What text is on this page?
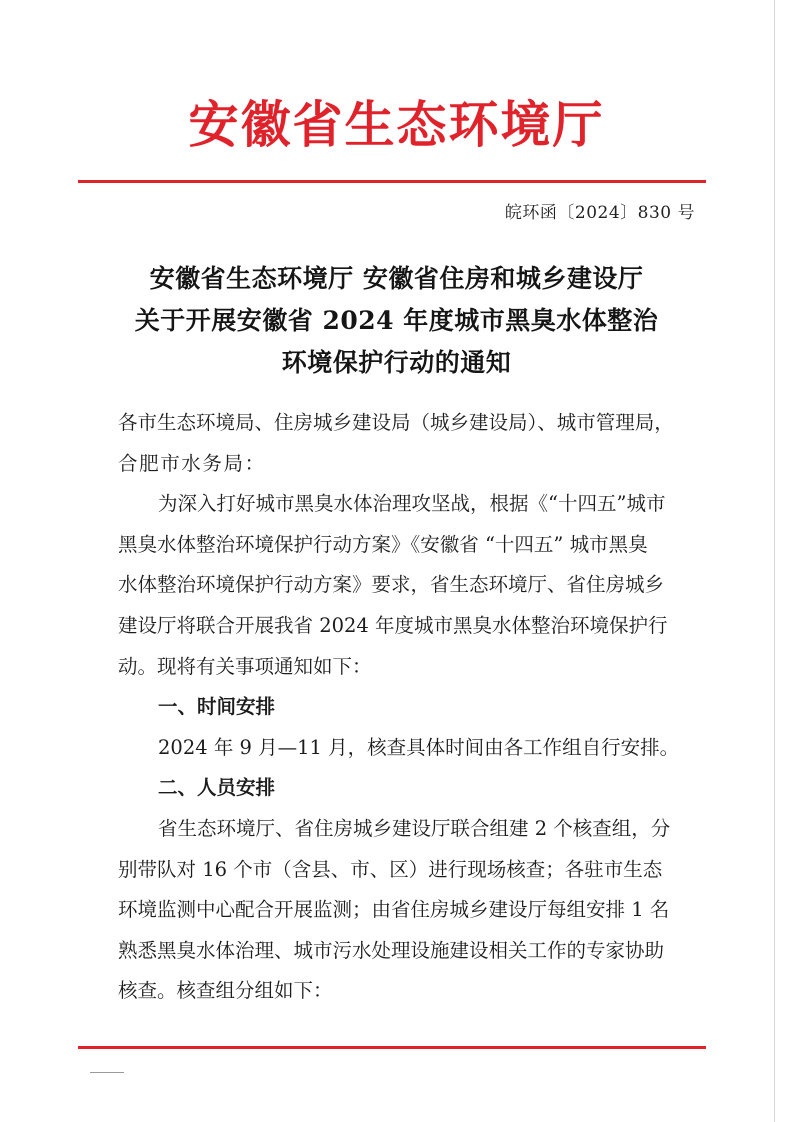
安徽省生态环境厅
皖环函〔2024〕830 号
安徽省生态环境厅 安徽省住房和城乡建设厅
关于开展安徽省 2024 年度城市黑臭水体整治
环境保护行动的通知
各市生态环境局、住房城乡建设局（城乡建设局）、城市管理局，
合肥市水务局：
为深入打好城市黑臭水体治理攻坚战，根据《“十四五”城市
黑臭水体整治环境保护行动方案》《安徽省 “十四五” 城市黑臭
水体整治环境保护行动方案》要求，省生态环境厅、省住房城乡
建设厅将联合开展我省 2024 年度城市黑臭水体整治环境保护行
动。现将有关事项通知如下：
一、时间安排
2024 年 9 月—11 月，核查具体时间由各工作组自行安排。
二、人员安排
省生态环境厅、省住房城乡建设厅联合组建 2 个核查组，分
别带队对 16 个市（含县、市、区）进行现场核查；各驻市生态
环境监测中心配合开展监测；由省住房城乡建设厅每组安排 1 名
熟悉黑臭水体治理、城市污水处理设施建设相关工作的专家协助
核查。核查组分组如下：
